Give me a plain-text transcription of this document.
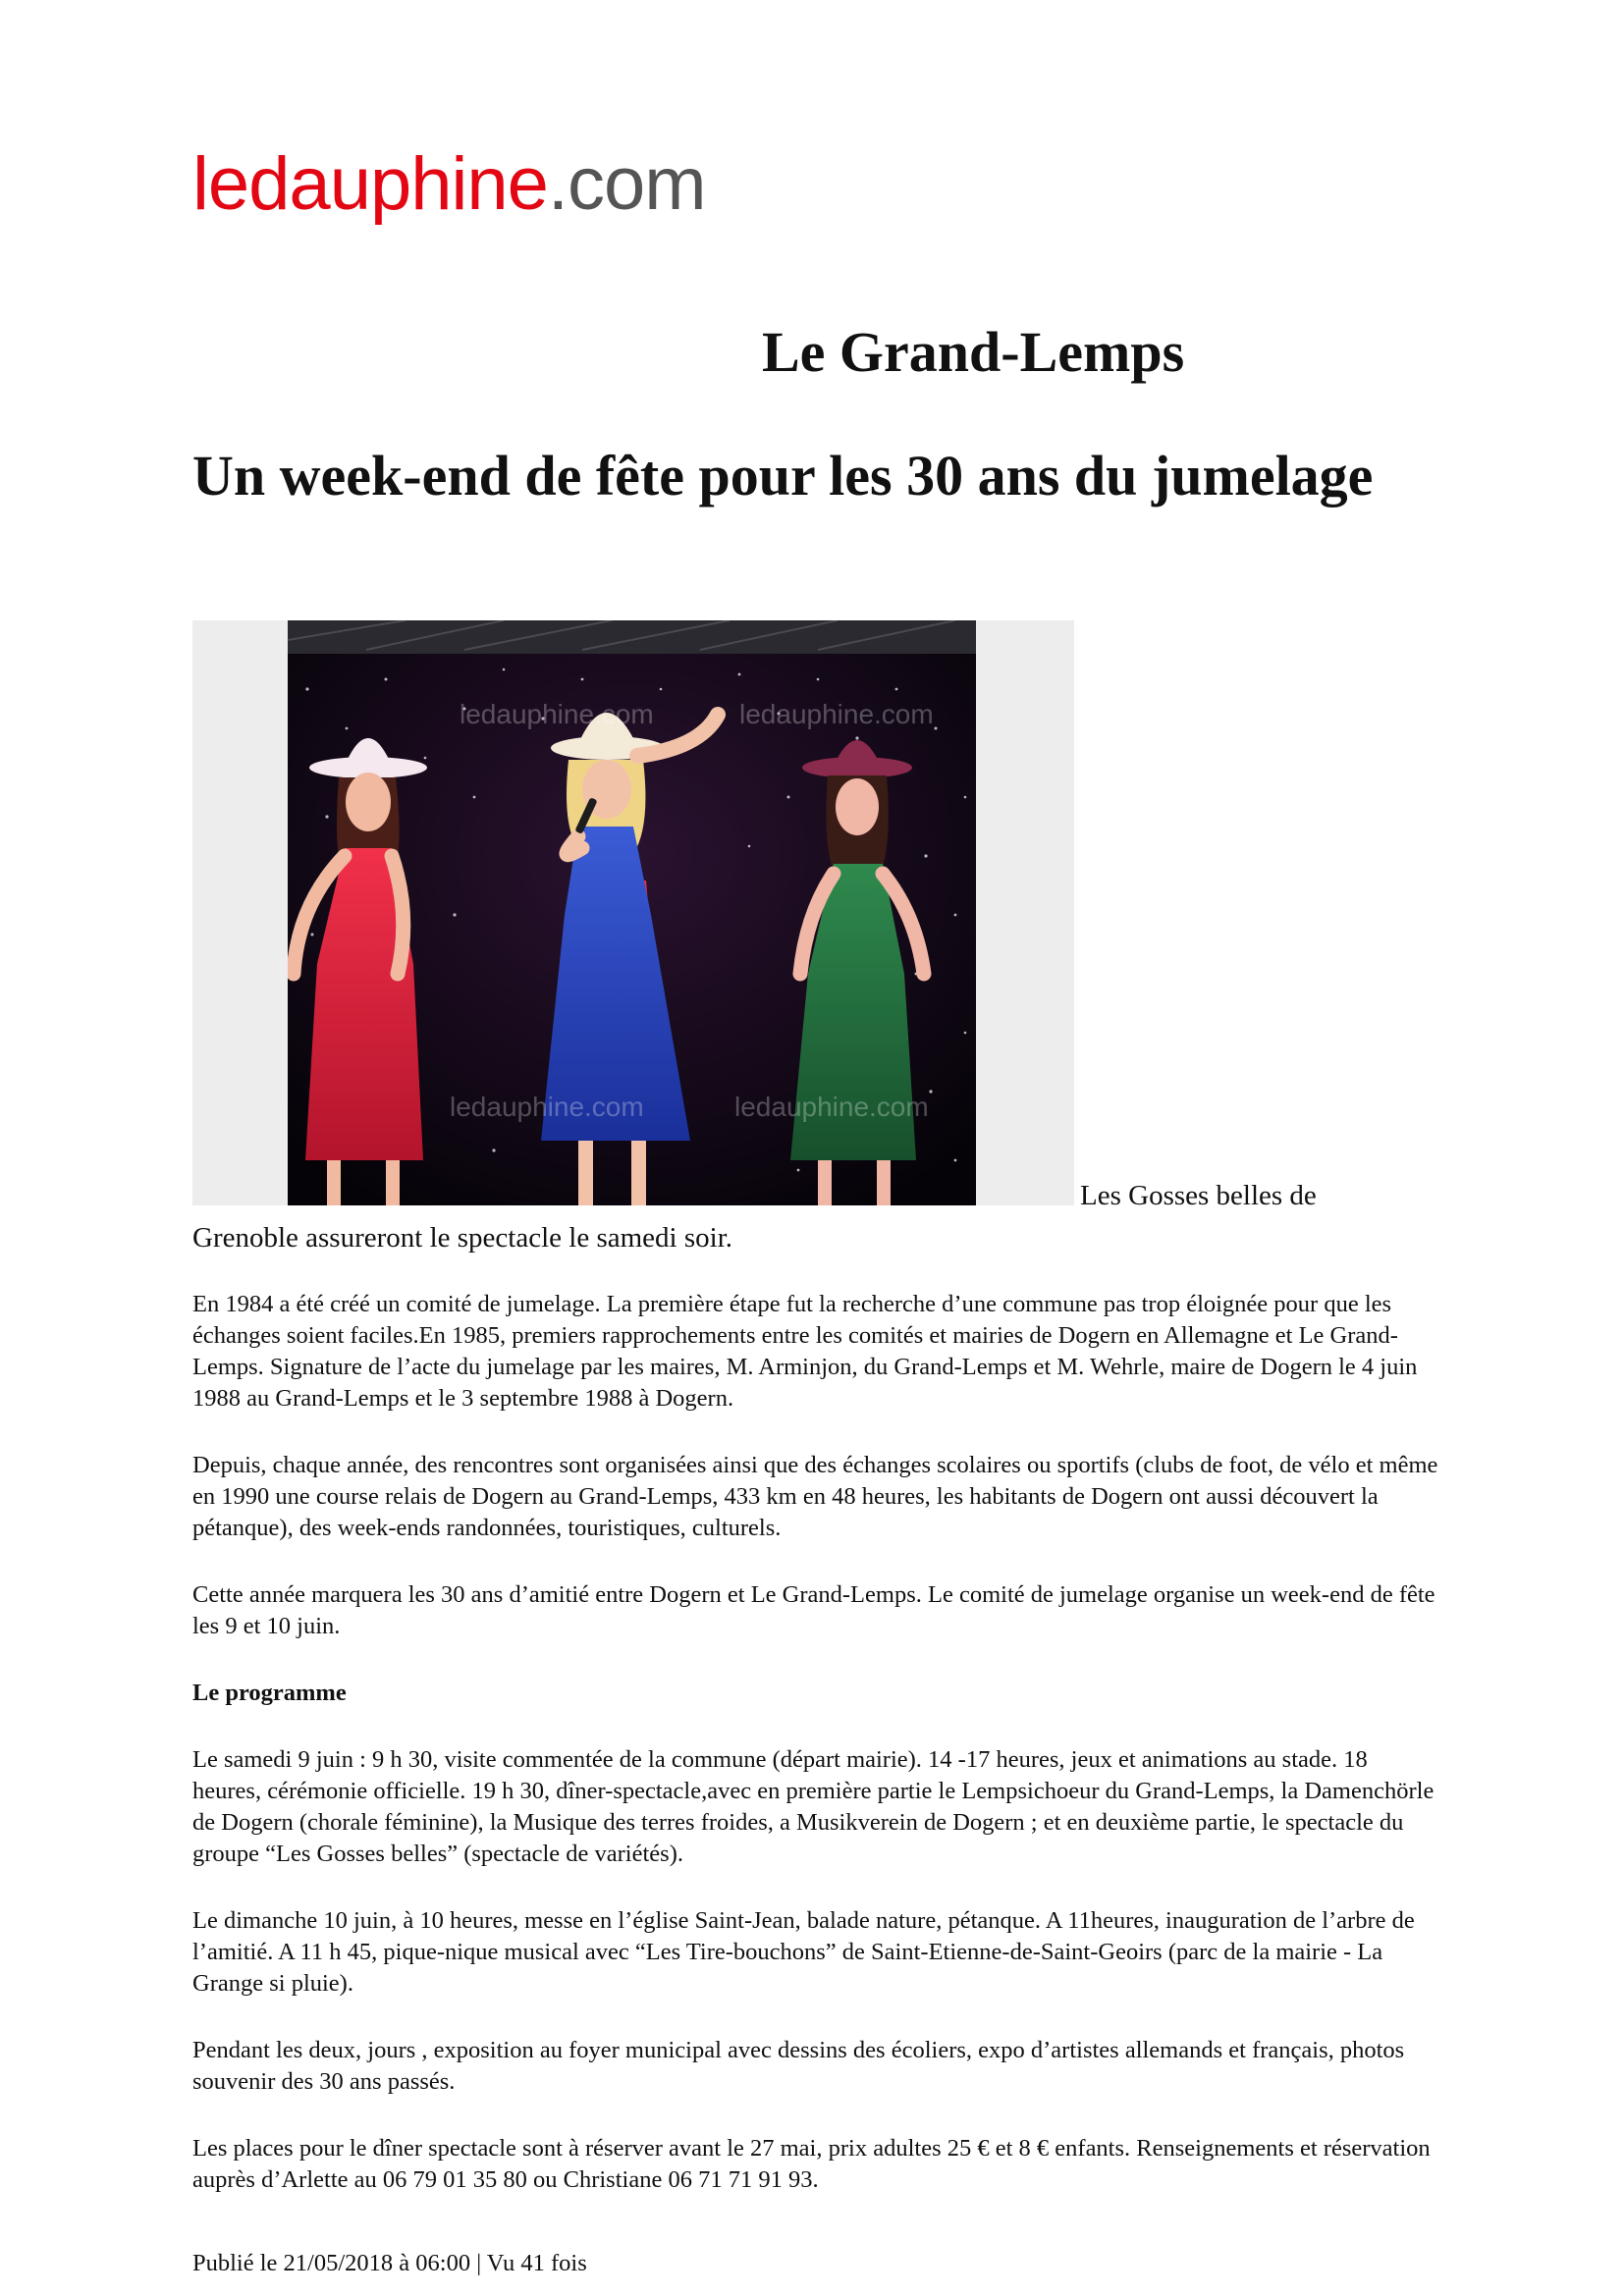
ledauphine.com
Le Grand-Lemps
Un week-end de fête pour les 30 ans du jumelage
ledauphine.com	ledauphine.com
ledauphine.com	ledauphine.com
Les Gosses belles de
Grenoble assureront le spectacle le samedi soir.

En 1984 a été créé un comité de jumelage. La première étape fut la recherche d’une commune pas trop éloignée pour que les échanges soient faciles.En 1985, premiers rapprochements entre les comités et mairies de Dogern en Allemagne et Le Grand-Lemps. Signature de l’acte du jumelage par les maires, M. Arminjon, du Grand-Lemps et M. Wehrle, maire de Dogern le 4 juin 1988 au Grand-Lemps et le 3 septembre 1988 à Dogern.

Depuis, chaque année, des rencontres sont organisées ainsi que des échanges scolaires ou sportifs (clubs de foot, de vélo et même en 1990 une course relais de Dogern au Grand-Lemps, 433 km en 48 heures, les habitants de Dogern ont aussi découvert la pétanque), des week-ends randonnées, touristiques, culturels.

Cette année marquera les 30 ans d’amitié entre Dogern et Le Grand-Lemps. Le comité de jumelage organise un week-end de fête les 9 et 10 juin.

Le programme

Le samedi 9 juin : 9 h 30, visite commentée de la commune (départ mairie). 14 -17 heures, jeux et animations au stade. 18 heures, cérémonie officielle. 19 h 30, dîner-spectacle,avec en première partie le Lempsichoeur du Grand-Lemps, la Damenchörle de Dogern (chorale féminine), la Musique des terres froides, a Musikverein de Dogern ; et en deuxième partie, le spectacle du groupe “Les Gosses belles” (spectacle de variétés).

Le dimanche 10 juin, à 10 heures, messe en l’église Saint-Jean, balade nature, pétanque. A 11heures, inauguration de l’arbre de l’amitié. A 11 h 45, pique-nique musical avec “Les Tire-bouchons” de Saint-Etienne-de-Saint-Geoirs (parc de la mairie - La Grange si pluie).

Pendant les deux, jours , exposition au foyer municipal avec dessins des écoliers, expo d’artistes allemands et français, photos souvenir des 30 ans passés.

Les places pour le dîner spectacle sont à réserver avant le 27 mai, prix adultes 25 € et 8 € enfants. Renseignements et réservation auprès d’Arlette au 06 79 01 35 80 ou Christiane 06 71 71 91 93.

Publié le 21/05/2018 à 06:00 | Vu 41 fois
